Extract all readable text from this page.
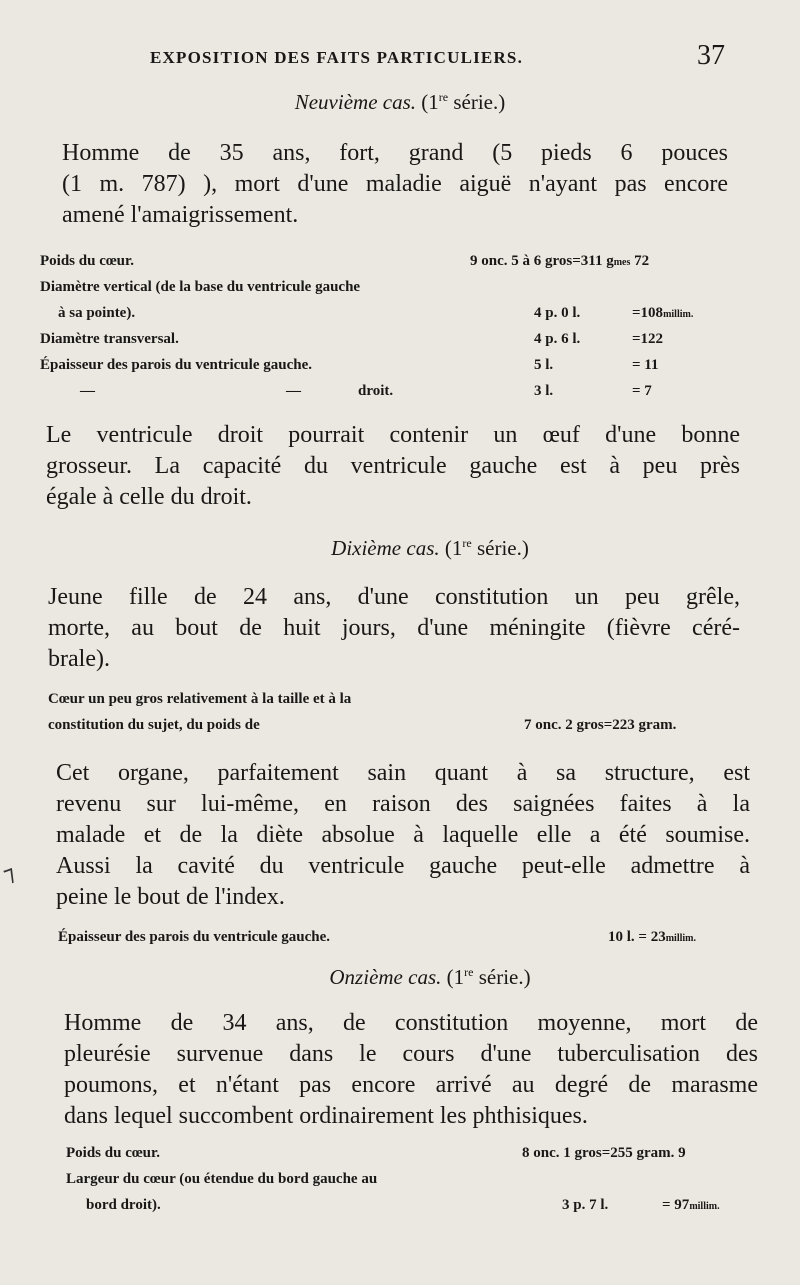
EXPOSITION DES FAITS PARTICULIERS.	37
Neuvième cas. (1re série.)
Homme de 35 ans, fort, grand (5 pieds 6 pouces
(1 m. 787) ), mort d'une maladie aiguë n'ayant pas encore
amené l'amaigrissement.
Poids du cœur.	9 onc. 5 à 6 gros=311 gmes 72
Diamètre vertical (de la base du ventricule gauche
à sa pointe).	4 p. 0 l.	=108millim.
Diamètre transversal.	4 p. 6 l.	=122
Épaisseur des parois du ventricule gauche.	5 l.	= 11
—	—	droit.	3 l.	= 7
Le ventricule droit pourrait contenir un œuf d'une bonne
grosseur. La capacité du ventricule gauche est à peu près
égale à celle du droit.
Dixième cas. (1re série.)
Jeune fille de 24 ans, d'une constitution un peu grêle,
morte, au bout de huit jours, d'une méningite (fièvre céré-
brale).
Cœur un peu gros relativement à la taille et à la
constitution du sujet, du poids de	7 onc. 2 gros=223 gram.
Cet organe, parfaitement sain quant à sa structure, est
revenu sur lui-même, en raison des saignées faites à la
malade et de la diète absolue à laquelle elle a été soumise.
Aussi la cavité du ventricule gauche peut-elle admettre à
peine le bout de l'index.
⁊
Épaisseur des parois du ventricule gauche.	10 l. = 23millim.
Onzième cas. (1re série.)
Homme de 34 ans, de constitution moyenne, mort de
pleurésie survenue dans le cours d'une tuberculisation des
poumons, et n'étant pas encore arrivé au degré de marasme
dans lequel succombent ordinairement les phthisiques.
Poids du cœur.	8 onc. 1 gros=255 gram. 9
Largeur du cœur (ou étendue du bord gauche au
bord droit).	3 p. 7 l.	= 97millim.
